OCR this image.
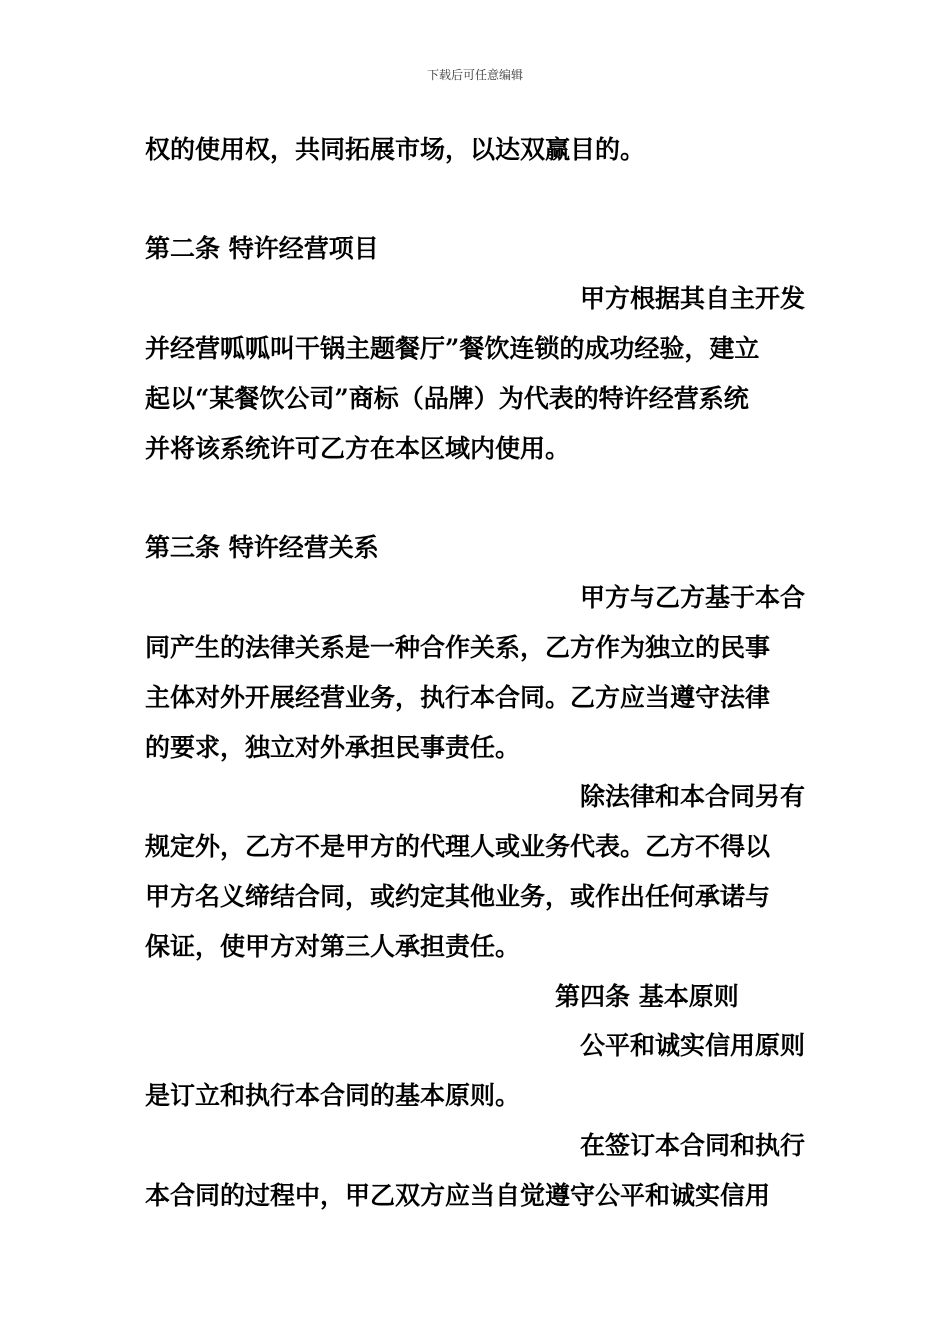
下载后可任意编辑
权的使用权，共同拓展市场，以达双赢目的。
第二条 特许经营项目
甲方根据其自主开发
并经营呱呱叫干锅主题餐厅”餐饮连锁的成功经验，建立
起以“某餐饮公司”商标（品牌）为代表的特许经营系统
并将该系统许可乙方在本区域内使用。
第三条 特许经营关系
甲方与乙方基于本合
同产生的法律关系是一种合作关系，乙方作为独立的民事
主体对外开展经营业务，执行本合同。乙方应当遵守法律
的要求，独立对外承担民事责任。
除法律和本合同另有
规定外，乙方不是甲方的代理人或业务代表。乙方不得以
甲方名义缔结合同，或约定其他业务，或作出任何承诺与
保证，使甲方对第三人承担责任。
第四条 基本原则
公平和诚实信用原则
是订立和执行本合同的基本原则。
在签订本合同和执行
本合同的过程中，甲乙双方应当自觉遵守公平和诚实信用
